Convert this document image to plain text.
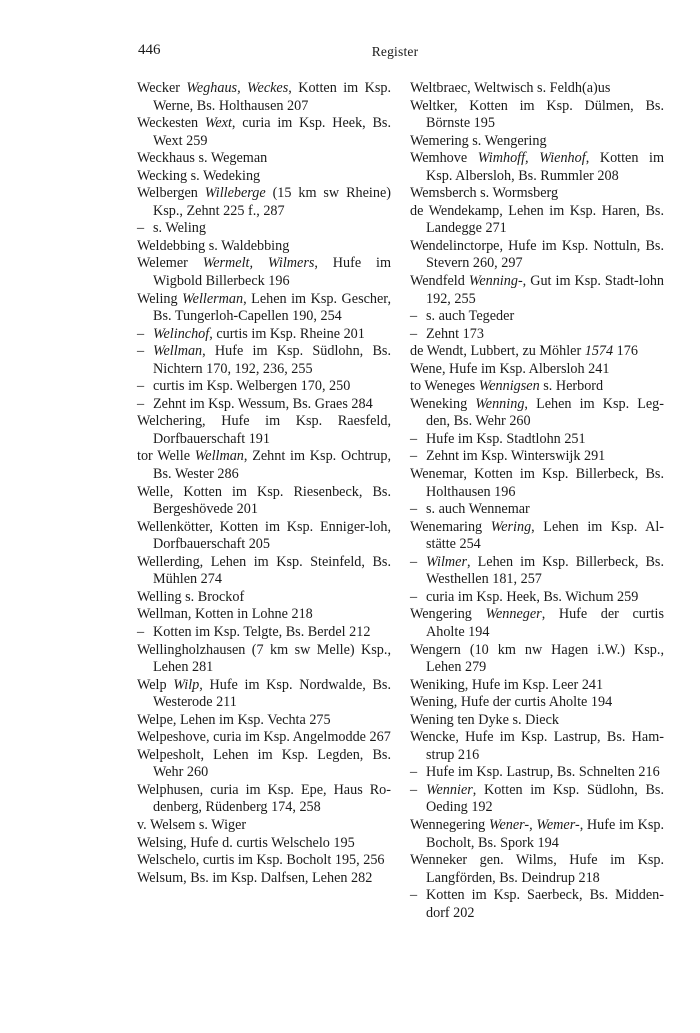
446	Register

Wecker Weghaus, Weckes, Kotten im Ksp. Werne, Bs. Holthausen 207

Weckesten Wext, curia im Ksp. Heek, Bs. Wext 259

Weckhaus s. Wegeman

Wecking s. Wedeking

Welbergen Willeberge (15 km sw Rheine) Ksp., Zehnt 225 f., 287

– s. Weling

Weldebbing s. Waldebbing

Welemer Wermelt, Wilmers, Hufe im Wigbold Billerbeck 196

Weling Wellerman, Lehen im Ksp. Gescher, Bs. Tungerloh-Capellen 190, 254

– Welinchof, curtis im Ksp. Rheine 201

– Wellman, Hufe im Ksp. Südlohn, Bs. Nichtern 170, 192, 236, 255

– curtis im Ksp. Welbergen 170, 250

– Zehnt im Ksp. Wessum, Bs. Graes 284

Welchering, Hufe im Ksp. Raesfeld, Dorfbauerschaft 191

tor Welle Wellman, Zehnt im Ksp. Ochtrup, Bs. Wester 286

Welle, Kotten im Ksp. Riesenbeck, Bs. Bergeshövede 201

Wellenkötter, Kotten im Ksp. Enniger-loh, Dorfbauerschaft 205

Wellerding, Lehen im Ksp. Steinfeld, Bs. Mühlen 274

Welling s. Brockof

Wellman, Kotten in Lohne 218

– Kotten im Ksp. Telgte, Bs. Berdel 212

Wellingholzhausen (7 km sw Melle) Ksp., Lehen 281

Welp Wilp, Hufe im Ksp. Nordwalde, Bs. Westerode 211

Welpe, Lehen im Ksp. Vechta 275

Welpeshove, curia im Ksp. Angelmodde 267

Welpesholt, Lehen im Ksp. Legden, Bs. Wehr 260

Welphusen, curia im Ksp. Epe, Haus Ro-denberg, Rüdenberg 174, 258

v. Welsem s. Wiger

Welsing, Hufe d. curtis Welschelo 195

Welschelo, curtis im Ksp. Bocholt 195, 256

Welsum, Bs. im Ksp. Dalfsen, Lehen 282

Weltbraec, Weltwisch s. Feldh(a)us

Weltker, Kotten im Ksp. Dülmen, Bs. Börnste 195

Wemering s. Wengering

Wemhove Wimhoff, Wienhof, Kotten im Ksp. Albersloh, Bs. Rummler 208

Wemsberch s. Wormsberg

de Wendekamp, Lehen im Ksp. Haren, Bs. Landegge 271

Wendelinctorpe, Hufe im Ksp. Nottuln, Bs. Stevern 260, 297

Wendfeld Wenning-, Gut im Ksp. Stadt-lohn 192, 255

– s. auch Tegeder

– Zehnt 173

de Wendt, Lubbert, zu Möhler 1574 176

Wene, Hufe im Ksp. Albersloh 241

to Weneges Wennigsen s. Herbord

Weneking Wenning, Lehen im Ksp. Leg-den, Bs. Wehr 260

– Hufe im Ksp. Stadtlohn 251

– Zehnt im Ksp. Winterswijk 291

Wenemar, Kotten im Ksp. Billerbeck, Bs. Holthausen 196

– s. auch Wennemar

Wenemaring Wering, Lehen im Ksp. Al-stätte 254

– Wilmer, Lehen im Ksp. Billerbeck, Bs. Westhellen 181, 257

– curia im Ksp. Heek, Bs. Wichum 259

Wengering Wenneger, Hufe der curtis Aholte 194

Wengern (10 km nw Hagen i.W.) Ksp., Lehen 279

Weniking, Hufe im Ksp. Leer 241

Wening, Hufe der curtis Aholte 194

Wening ten Dyke s. Dieck

Wencke, Hufe im Ksp. Lastrup, Bs. Ham-strup 216

– Hufe im Ksp. Lastrup, Bs. Schnelten 216

– Wennier, Kotten im Ksp. Südlohn, Bs. Oeding 192

Wennegering Wener-, Wemer-, Hufe im Ksp. Bocholt, Bs. Spork 194

Wenneker gen. Wilms, Hufe im Ksp. Langförden, Bs. Deindrup 218

– Kotten im Ksp. Saerbeck, Bs. Midden-dorf 202
